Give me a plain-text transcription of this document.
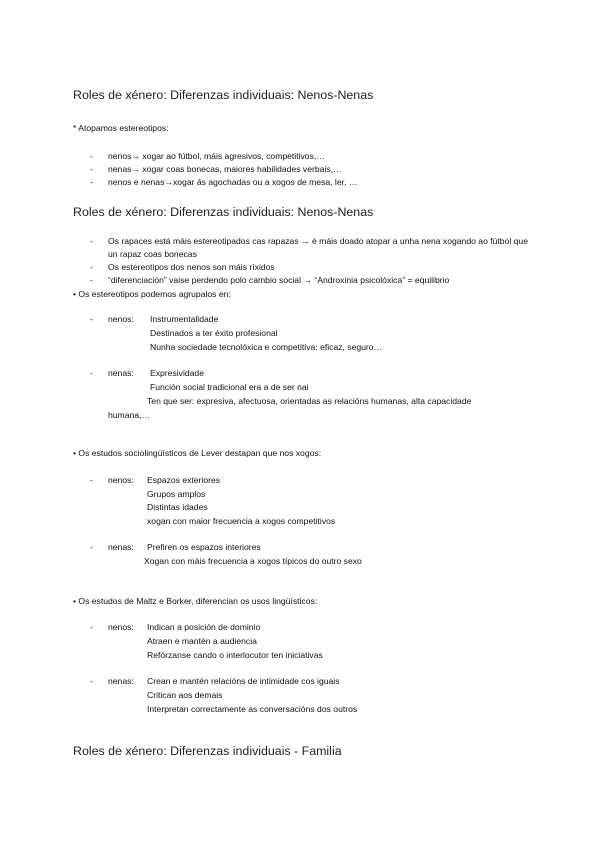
Roles de xénero: Diferenzas individuais: Nenos-Nenas
* Atopamos estereotipos:
- nenos→ xogar ao fútbol, máis agresivos, competitivos,…
- nenas→ xogar coas bonecas, maiores habilidades verbais,…
- nenos e nenas→xogar ás agochadas ou a xogos de mesa, ler, …
Roles de xénero: Diferenzas individuais: Nenos-Nenas
- Os rapaces está máis estereotipados cas rapazas → é máis doado atopar a unha nena xogando ao fútbol que un rapaz coas bonecas
- Os estereotipos dos nenos son máis ríxidos
- “diferenciación” vaise perdendo polo cambio social → “Androxinia psicolóxica” = equilibrio
• Os estereotipos podemos agrupalos en:
- nenos: Instrumentalidade
Destinados a ter éxito profesional
Nunha sociedade tecnolóxica e competitiva: eficaz, seguro…
- nenas: Expresividade
Función social tradicional era a de ser nai
Ten que ser: expresiva, afectuosa, orientadas as relacións humanas, alta capacidade
humana,…
• Os estudos sociolingüísticos de Lever destapan que nos xogos:
- nenos: Espazos exteriores
Grupos amplos
Distintas idades
xogan con maior frecuencia a xogos competitivos
- nenas: Prefiren os espazos interiores
Xogan con máis frecuencia a xogos típicos do outro sexo
• Os estudos de Maltz e Borker, diferencian os usos lingüísticos:
- nenos: Indican a posición de dominio
Atraen e mantén a audiencia
Refórzanse cando o interlocutor ten iniciativas
- nenas: Crean e mantén relacións de intimidade cos iguais
Critican aos demais
Interpretan correctamente as conversacións dos outros
Roles de xénero: Diferenzas individuais - Familia
